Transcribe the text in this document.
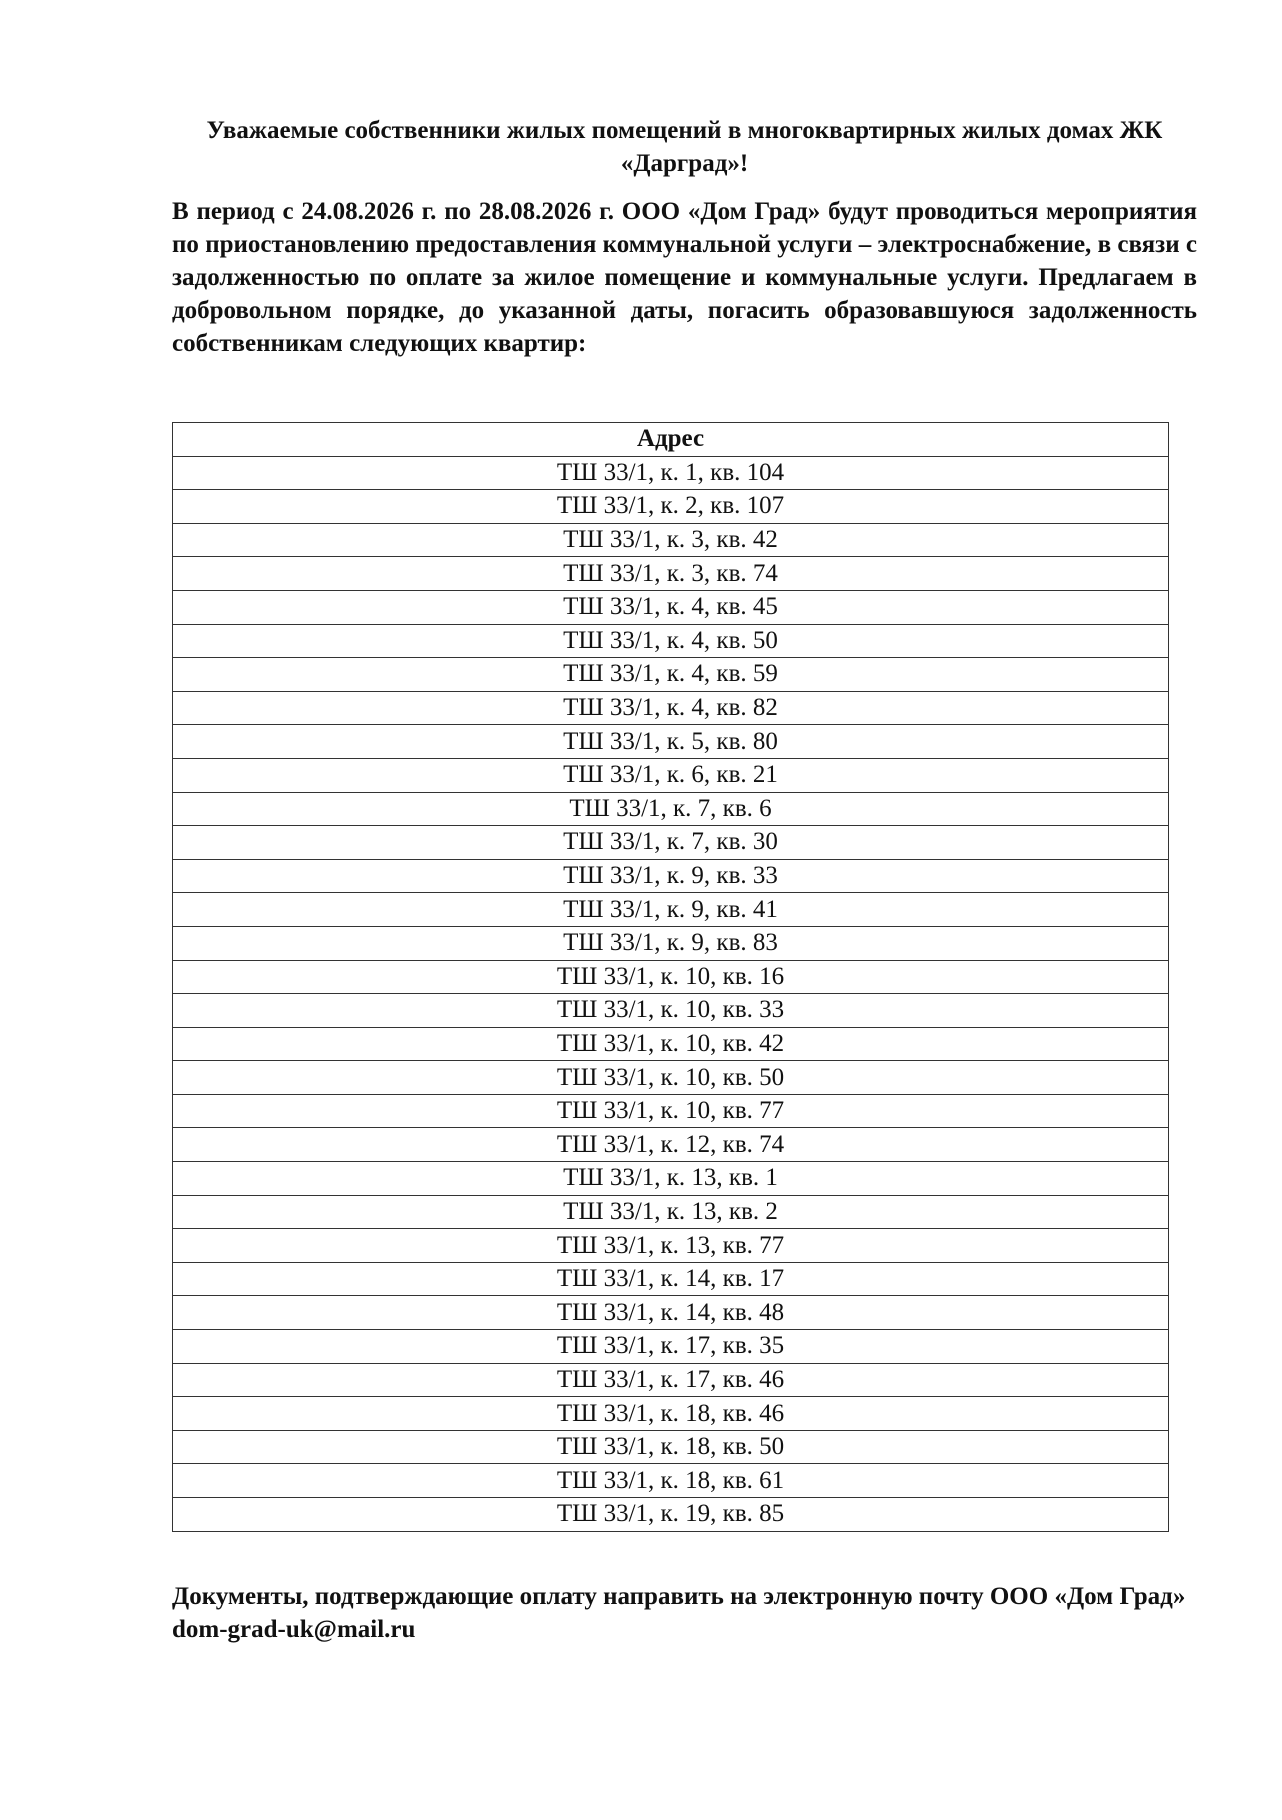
Уважаемые собственники жилых помещений в многоквартирных жилых домах ЖК
«Дарград»!

В период с 24.08.2026 г. по 28.08.2026 г. ООО «Дом Град» будут проводиться мероприятия по приостановлению предоставления коммунальной услуги – электроснабжение, в связи с задолженностью по оплате за жилое помещение и коммунальные услуги. Предлагаем в добровольном порядке, до указанной даты, погасить образовавшуюся задолженность собственникам следующих квартир:

Адрес
ТШ 33/1, к. 1, кв. 104
ТШ 33/1, к. 2, кв. 107
ТШ 33/1, к. 3, кв. 42
ТШ 33/1, к. 3, кв. 74
ТШ 33/1, к. 4, кв. 45
ТШ 33/1, к. 4, кв. 50
ТШ 33/1, к. 4, кв. 59
ТШ 33/1, к. 4, кв. 82
ТШ 33/1, к. 5, кв. 80
ТШ 33/1, к. 6, кв. 21
ТШ 33/1, к. 7, кв. 6
ТШ 33/1, к. 7, кв. 30
ТШ 33/1, к. 9, кв. 33
ТШ 33/1, к. 9, кв. 41
ТШ 33/1, к. 9, кв. 83
ТШ 33/1, к. 10, кв. 16
ТШ 33/1, к. 10, кв. 33
ТШ 33/1, к. 10, кв. 42
ТШ 33/1, к. 10, кв. 50
ТШ 33/1, к. 10, кв. 77
ТШ 33/1, к. 12, кв. 74
ТШ 33/1, к. 13, кв. 1
ТШ 33/1, к. 13, кв. 2
ТШ 33/1, к. 13, кв. 77
ТШ 33/1, к. 14, кв. 17
ТШ 33/1, к. 14, кв. 48
ТШ 33/1, к. 17, кв. 35
ТШ 33/1, к. 17, кв. 46
ТШ 33/1, к. 18, кв. 46
ТШ 33/1, к. 18, кв. 50
ТШ 33/1, к. 18, кв. 61
ТШ 33/1, к. 19, кв. 85

Документы, подтверждающие оплату направить на электронную почту ООО «Дом Град» dom-grad-uk@mail.ru
